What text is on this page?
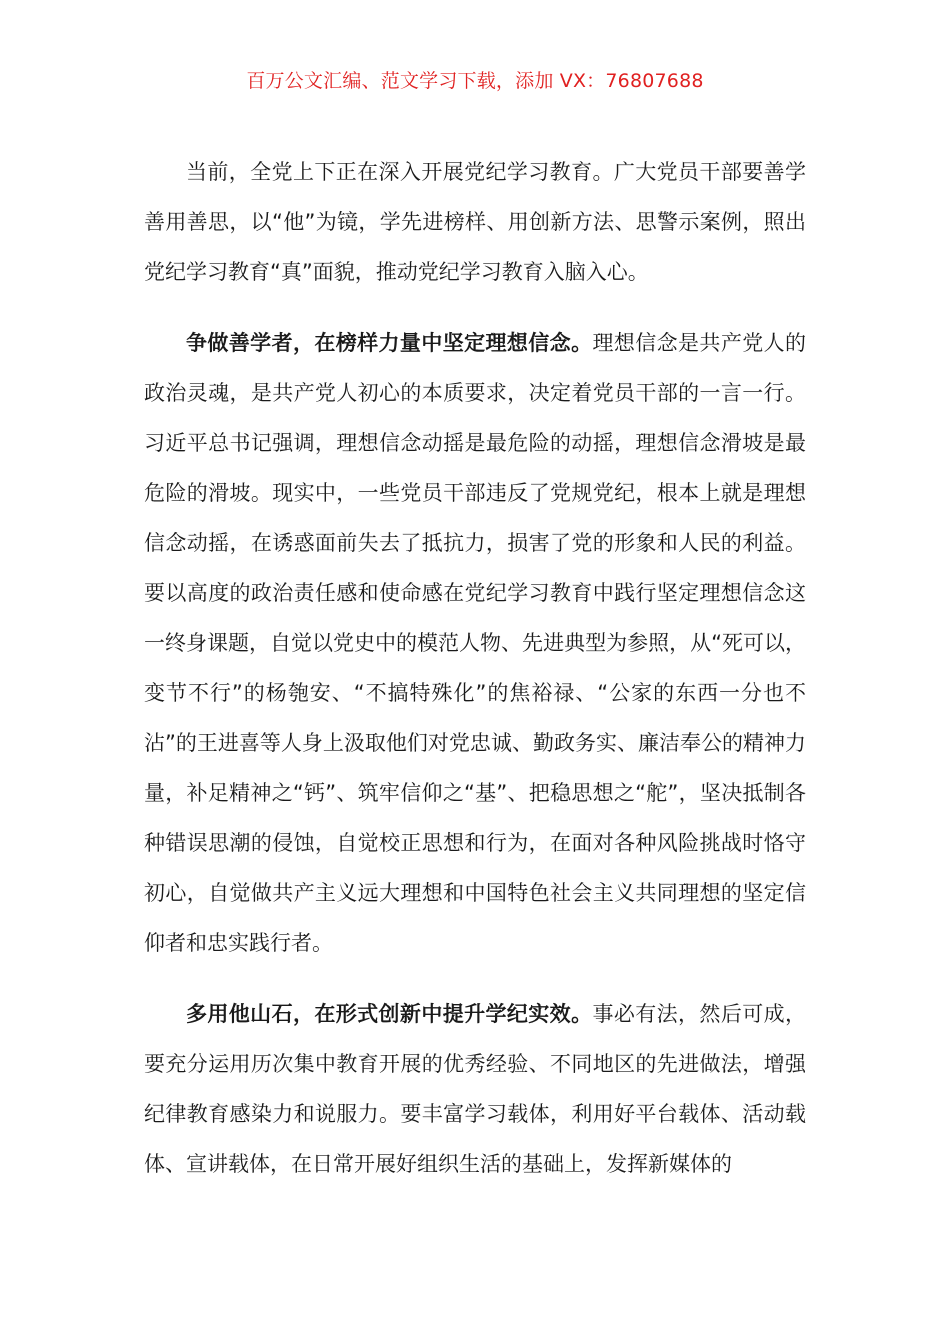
百万公文汇编、范文学习下载，添加 VX：76807688

当前，全党上下正在深入开展党纪学习教育。广大党员干部要善学善用善思，以“他”为镜，学先进榜样、用创新方法、思警示案例，照出党纪学习教育“真”面貌，推动党纪学习教育入脑入心。

争做善学者，在榜样力量中坚定理想信念。理想信念是共产党人的政治灵魂，是共产党人初心的本质要求，决定着党员干部的一言一行。习近平总书记强调，理想信念动摇是最危险的动摇，理想信念滑坡是最危险的滑坡。现实中，一些党员干部违反了党规党纪，根本上就是理想信念动摇，在诱惑面前失去了抵抗力，损害了党的形象和人民的利益。要以高度的政治责任感和使命感在党纪学习教育中践行坚定理想信念这一终身课题，自觉以党史中的模范人物、先进典型为参照，从“死可以，变节不行”的杨匏安、“不搞特殊化”的焦裕禄、“公家的东西一分也不沾”的王进喜等人身上汲取他们对党忠诚、勤政务实、廉洁奉公的精神力量，补足精神之“钙”、筑牢信仰之“基”、把稳思想之“舵”，坚决抵制各种错误思潮的侵蚀，自觉校正思想和行为，在面对各种风险挑战时恪守初心，自觉做共产主义远大理想和中国特色社会主义共同理想的坚定信仰者和忠实践行者。

多用他山石，在形式创新中提升学纪实效。事必有法，然后可成，要充分运用历次集中教育开展的优秀经验、不同地区的先进做法，增强纪律教育感染力和说服力。要丰富学习载体，利用好平台载体、活动载体、宣讲载体，在日常开展好组织生活的基础上，发挥新媒体的
